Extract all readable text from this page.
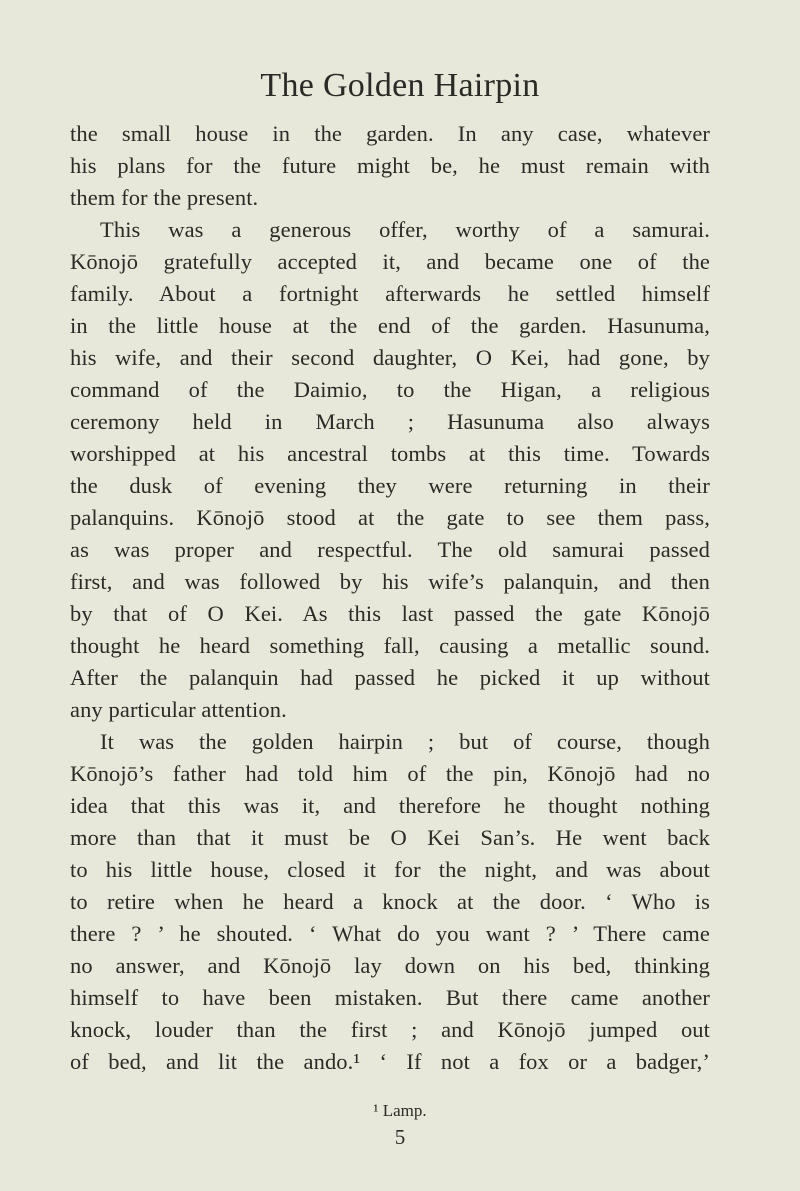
The Golden Hairpin
the small house in the garden. In any case, whatever
his plans for the future might be, he must remain with
them for the present.
This was a generous offer, worthy of a samurai.
Kōnojō gratefully accepted it, and became one of the
family. About a fortnight afterwards he settled himself
in the little house at the end of the garden. Hasunuma,
his wife, and their second daughter, O Kei, had gone, by
command of the Daimio, to the Higan, a religious
ceremony held in March ; Hasunuma also always
worshipped at his ancestral tombs at this time. Towards
the dusk of evening they were returning in their
palanquins. Kōnojō stood at the gate to see them pass,
as was proper and respectful. The old samurai passed
first, and was followed by his wife’s palanquin, and then
by that of O Kei. As this last passed the gate Kōnojō
thought he heard something fall, causing a metallic sound.
After the palanquin had passed he picked it up without
any particular attention.
It was the golden hairpin ; but of course, though
Kōnojō’s father had told him of the pin, Kōnojō had no
idea that this was it, and therefore he thought nothing
more than that it must be O Kei San’s. He went back
to his little house, closed it for the night, and was about
to retire when he heard a knock at the door. ‘ Who is
there ? ’ he shouted. ‘ What do you want ? ’ There came
no answer, and Kōnojō lay down on his bed, thinking
himself to have been mistaken. But there came another
knock, louder than the first ; and Kōnojō jumped out
of bed, and lit the ando.¹ ‘ If not a fox or a badger,’
¹ Lamp.
5
